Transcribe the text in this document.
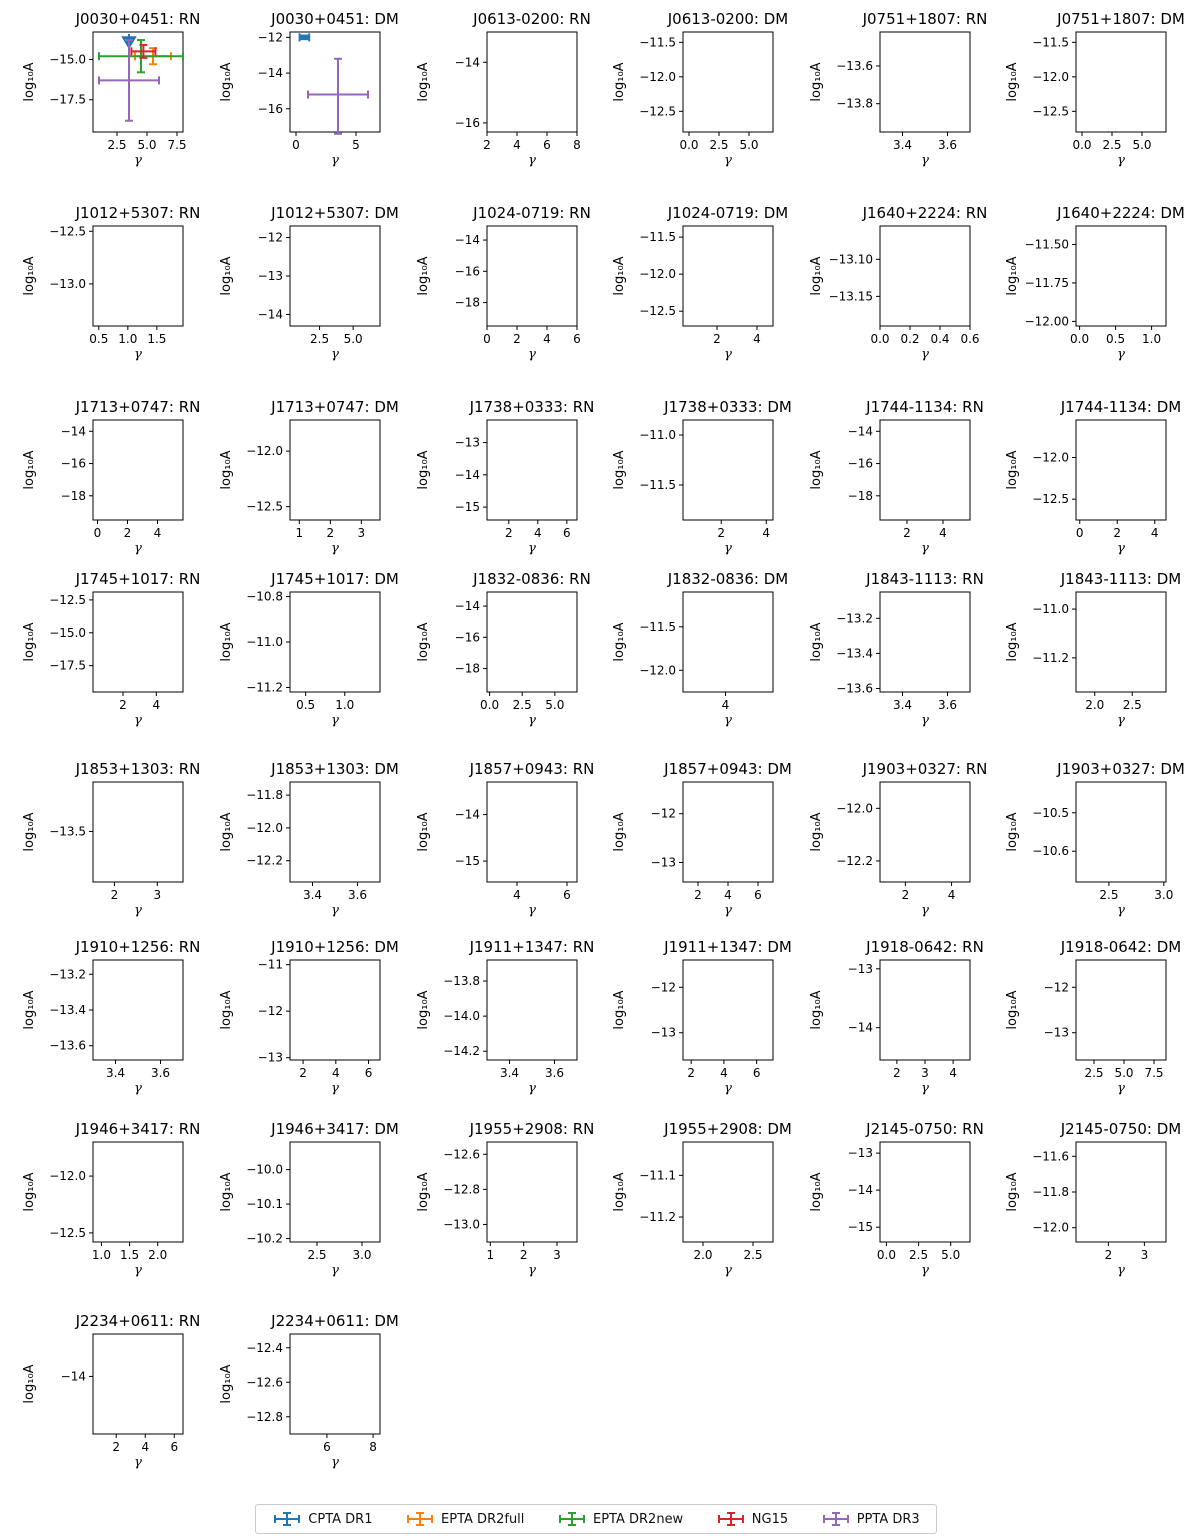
J0030+0451: RN
2.5 5.0 7.5
−15.0
−17.5
γ
log₁₀A
J0030+0451: DM
0	5
−12
−14
−16
γ
log₁₀A
J0613-0200: RN
2 4 6 8
−16
−14
γ
log₁₀A
J0613-0200: DM
0.0 2.5 5.0
−12.5
−12.0
−11.5
γ
log₁₀A
J0751+1807: RN
3.4 3.6
−13.8
−13.6
γ
log₁₀A
J0751+1807: DM
0.0 2.5 5.0
−12.5
−12.0
−11.5
γ
log₁₀A
J1012+5307: RN
0.5 1.0 1.5
−13.0
−12.5
γ
log₁₀A
J1012+5307: DM
2.5 5.0
−14
−13
−12
γ
log₁₀A
J1024-0719: RN
0 2 4 6
−18
−16
−14
γ
log₁₀A
J1024-0719: DM
2	4
−12.5
−12.0
−11.5
γ
log₁₀A
J1640+2224: RN
0.0 0.2 0.4 0.6
−13.15
−13.10
γ
log₁₀A
J1640+2224: DM
0.0 0.5 1.0
−12.00
−11.75
−11.50
γ
log₁₀A
J1713+0747: RN
0 2 4
−18
−16
−14
γ
log₁₀A
J1713+0747: DM
1 2 3
−12.5
−12.0
γ
log₁₀A
J1738+0333: RN
2 4 6
−15
−14
−13
γ
log₁₀A
J1738+0333: DM
2	4
−11.5
−11.0
γ
log₁₀A
J1744-1134: RN
2 4
−18
−16
−14
γ
log₁₀A
J1744-1134: DM
0 2 4
−12.5
−12.0
γ
log₁₀A
J1745+1017: RN
2 4
−17.5
−15.0
−12.5
γ
log₁₀A
J1745+1017: DM
0.5 1.0
−11.2
−11.0
−10.8
γ
log₁₀A
J1832-0836: RN
0.0 2.5 5.0
−18
−16
−14
γ
log₁₀A
J1832-0836: DM
4
−12.0
−11.5
γ
log₁₀A
J1843-1113: RN
3.4 3.6
−13.6
−13.4
−13.2
γ
log₁₀A
J1843-1113: DM
2.0 2.5
−11.2
−11.0
γ
log₁₀A
J1853+1303: RN
2	3
−13.5
γ
log₁₀A
J1853+1303: DM
3.4 3.6
−12.2
−12.0
−11.8
γ
log₁₀A
J1857+0943: RN
4	6
−15
−14
γ
log₁₀A
J1857+0943: DM
2 4 6
−13
−12
γ
log₁₀A
J1903+0327: RN
2	4
−12.2
−12.0
γ
log₁₀A
J1903+0327: DM
2.5	3.0
−10.6
−10.5
γ
log₁₀A
J1910+1256: RN
3.4 3.6
−13.6
−13.4
−13.2
γ
log₁₀A
J1910+1256: DM
2 4 6
−13
−12
−11
γ
log₁₀A
J1911+1347: RN
3.4 3.6
−14.2
−14.0
−13.8
γ
log₁₀A
J1911+1347: DM
2 4 6
−13
−12
γ
log₁₀A
J1918-0642: RN
2 3 4
−14
−13
γ
log₁₀A
J1918-0642: DM
2.5 5.0 7.5
−13
−12
γ
log₁₀A
J1946+3417: RN
1.0 1.5 2.0
−12.5
−12.0
γ
log₁₀A
J1946+3417: DM
2.5 3.0
−10.2
−10.1
−10.0
γ
log₁₀A
J1955+2908: RN
1 2 3
−13.0
−12.8
−12.6
γ
log₁₀A
J1955+2908: DM
2.0	2.5
−11.2
−11.1
γ
log₁₀A
J2145-0750: RN
0.0 2.5 5.0
−15
−14
−13
γ
log₁₀A
J2145-0750: DM
2 3
−12.0
−11.8
−11.6
γ
log₁₀A
J2234+0611: RN
2 4 6
−14
γ
log₁₀A
J2234+0611: DM
6	8
−12.8
−12.6
−12.4
γ
log₁₀A
CPTA DR1	EPTA DR2full	EPTA DR2new	NG15	PPTA DR3
